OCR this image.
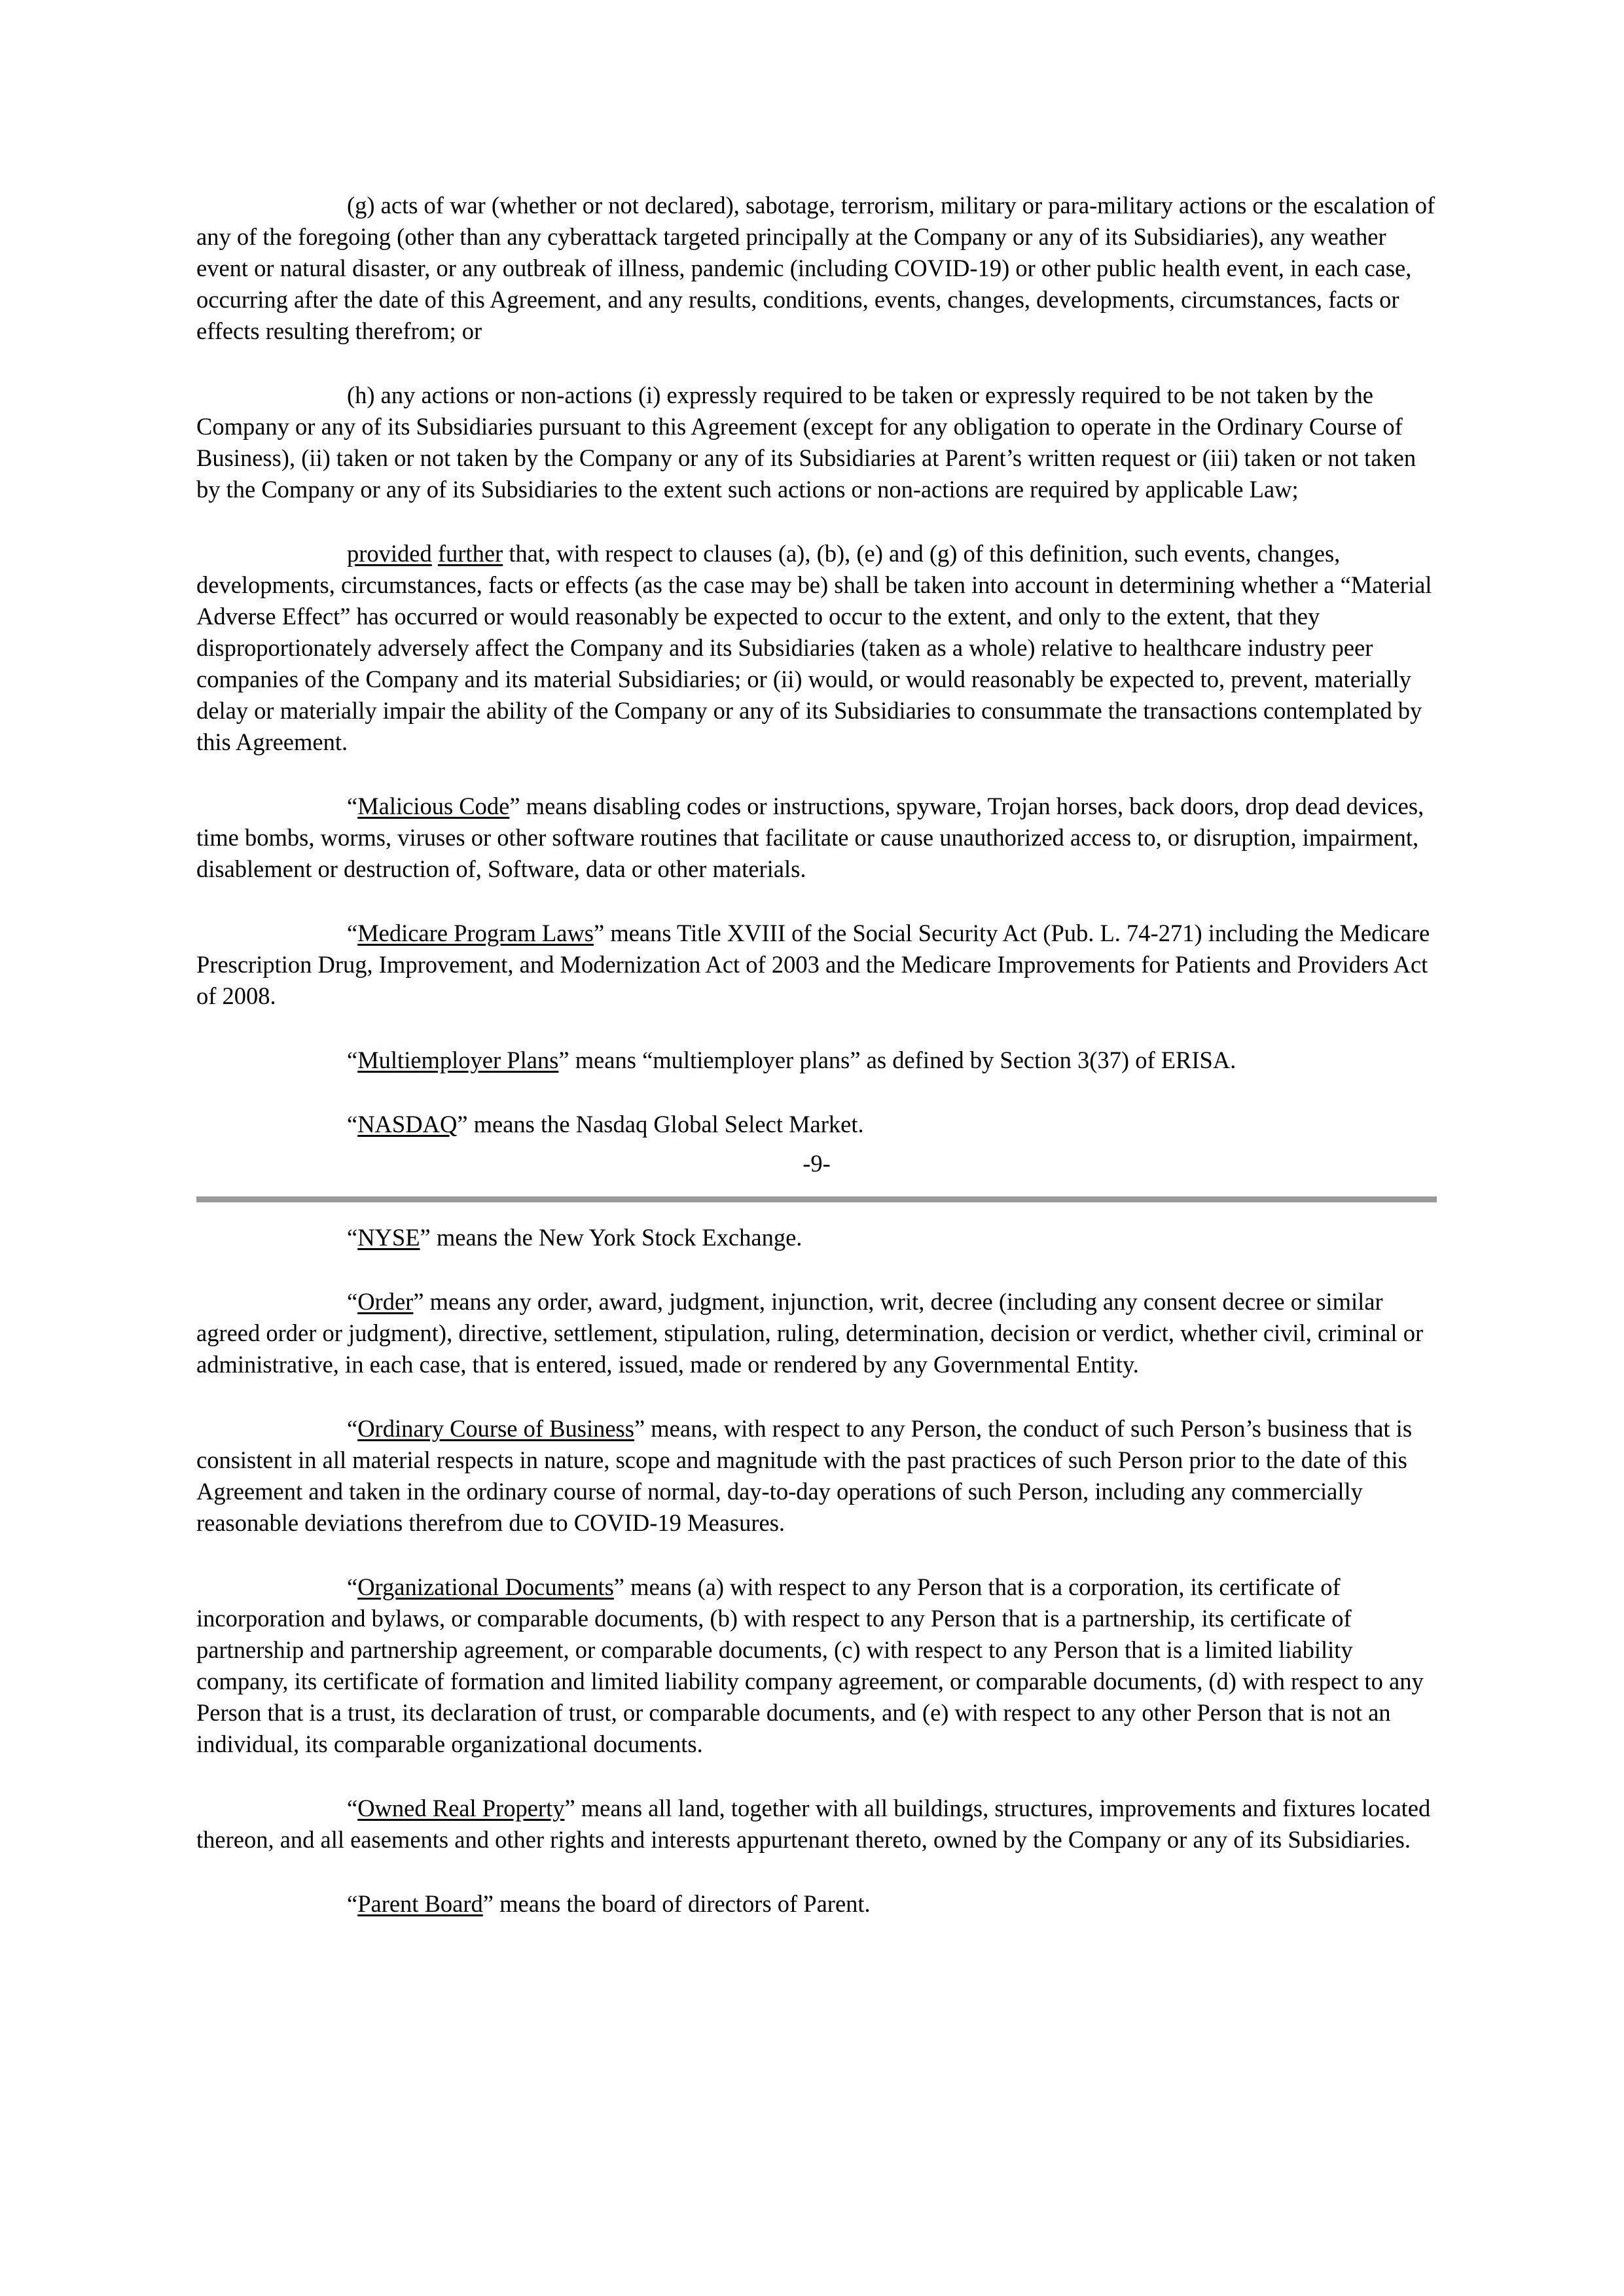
(g) acts of war (whether or not declared), sabotage, terrorism, military or para-military actions or the escalation of any of the foregoing (other than any cyberattack targeted principally at the Company or any of its Subsidiaries), any weather event or natural disaster, or any outbreak of illness, pandemic (including COVID-19) or other public health event, in each case, occurring after the date of this Agreement, and any results, conditions, events, changes, developments, circumstances, facts or effects resulting therefrom; or

(h) any actions or non-actions (i) expressly required to be taken or expressly required to be not taken by the Company or any of its Subsidiaries pursuant to this Agreement (except for any obligation to operate in the Ordinary Course of Business), (ii) taken or not taken by the Company or any of its Subsidiaries at Parent’s written request or (iii) taken or not taken by the Company or any of its Subsidiaries to the extent such actions or non-actions are required by applicable Law;

provided further that, with respect to clauses (a), (b), (e) and (g) of this definition, such events, changes, developments, circumstances, facts or effects (as the case may be) shall be taken into account in determining whether a “Material Adverse Effect” has occurred or would reasonably be expected to occur to the extent, and only to the extent, that they disproportionately adversely affect the Company and its Subsidiaries (taken as a whole) relative to healthcare industry peer companies of the Company and its material Subsidiaries; or (ii) would, or would reasonably be expected to, prevent, materially delay or materially impair the ability of the Company or any of its Subsidiaries to consummate the transactions contemplated by this Agreement.

“Malicious Code” means disabling codes or instructions, spyware, Trojan horses, back doors, drop dead devices, time bombs, worms, viruses or other software routines that facilitate or cause unauthorized access to, or disruption, impairment, disablement or destruction of, Software, data or other materials.

“Medicare Program Laws” means Title XVIII of the Social Security Act (Pub. L. 74-271) including the Medicare Prescription Drug, Improvement, and Modernization Act of 2003 and the Medicare Improvements for Patients and Providers Act of 2008.

“Multiemployer Plans” means “multiemployer plans” as defined by Section 3(37) of ERISA.

“NASDAQ” means the Nasdaq Global Select Market.

-9-

“NYSE” means the New York Stock Exchange.

“Order” means any order, award, judgment, injunction, writ, decree (including any consent decree or similar agreed order or judgment), directive, settlement, stipulation, ruling, determination, decision or verdict, whether civil, criminal or administrative, in each case, that is entered, issued, made or rendered by any Governmental Entity.

“Ordinary Course of Business” means, with respect to any Person, the conduct of such Person’s business that is consistent in all material respects in nature, scope and magnitude with the past practices of such Person prior to the date of this Agreement and taken in the ordinary course of normal, day-to-day operations of such Person, including any commercially reasonable deviations therefrom due to COVID-19 Measures.

“Organizational Documents” means (a) with respect to any Person that is a corporation, its certificate of incorporation and bylaws, or comparable documents, (b) with respect to any Person that is a partnership, its certificate of partnership and partnership agreement, or comparable documents, (c) with respect to any Person that is a limited liability company, its certificate of formation and limited liability company agreement, or comparable documents, (d) with respect to any Person that is a trust, its declaration of trust, or comparable documents, and (e) with respect to any other Person that is not an individual, its comparable organizational documents.

“Owned Real Property” means all land, together with all buildings, structures, improvements and fixtures located thereon, and all easements and other rights and interests appurtenant thereto, owned by the Company or any of its Subsidiaries.

“Parent Board” means the board of directors of Parent.
